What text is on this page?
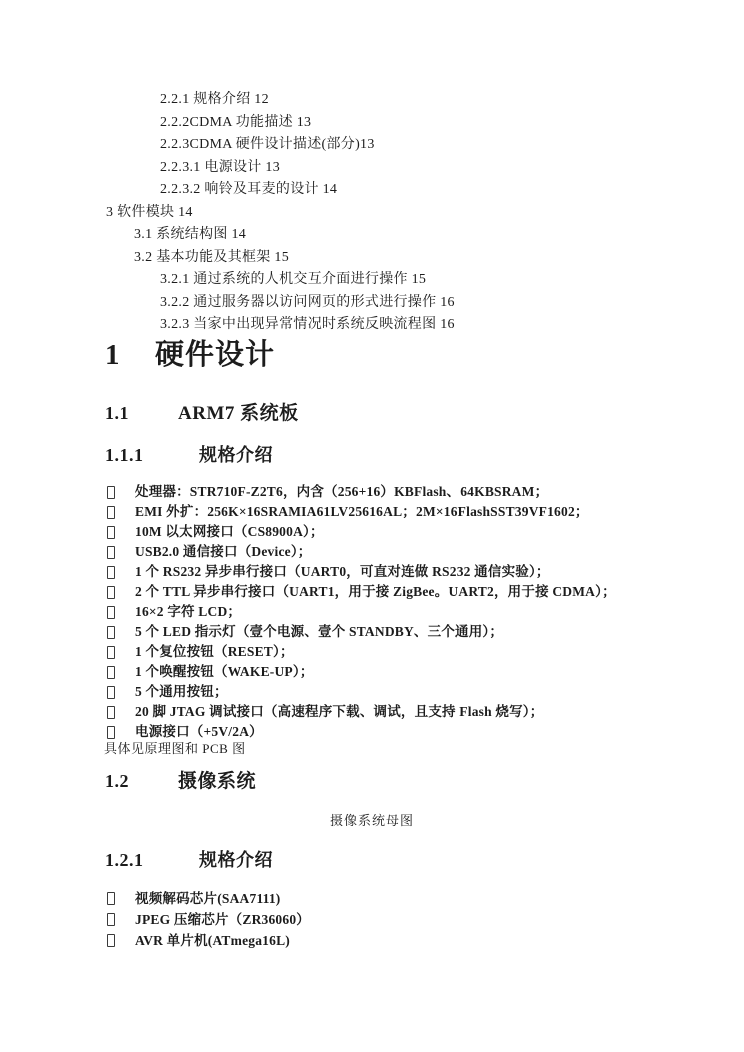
2.2.1 规格介绍 12
2.2.2CDMA 功能描述 13
2.2.3CDMA 硬件设计描述(部分)13
2.2.3.1 电源设计 13
2.2.3.2 响铃及耳麦的设计 14
3 软件模块 14
3.1 系统结构图 14
3.2 基本功能及其框架 15
3.2.1 通过系统的人机交互介面进行操作 15
3.2.2 通过服务器以访问网页的形式进行操作 16
3.2.3 当家中出现异常情况时系统反映流程图 16
1 硬件设计
1.1	ARM7 系统板
1.1.1	规格介绍
处理器：STR710F-Z2T6，内含（256+16）KBFlash、64KBSRAM；
EMI 外扩：256K×16SRAMIA61LV25616AL；2M×16FlashSST39VF1602；
10M 以太网接口（CS8900A）；
USB2.0 通信接口（Device）；
1 个 RS232 异步串行接口（UART0，可直对连做 RS232 通信实验）；
2 个 TTL 异步串行接口（UART1，用于接 ZigBee。UART2，用于接 CDMA）；
16×2 字符 LCD；
5 个 LED 指示灯（壹个电源、壹个 STANDBY、三个通用）；
1 个复位按钮（RESET）；
1 个唤醒按钮（WAKE-UP）；
5 个通用按钮；
20 脚 JTAG 调试接口（高速程序下载、调试，且支持 Flash 烧写）；
电源接口（+5V/2A）
具体见原理图和 PCB 图
1.2	摄像系统
摄像系统母图
1.2.1	规格介绍
视频解码芯片(SAA7111)
JPEG 压缩芯片（ZR36060）
AVR 单片机(ATmega16L)
